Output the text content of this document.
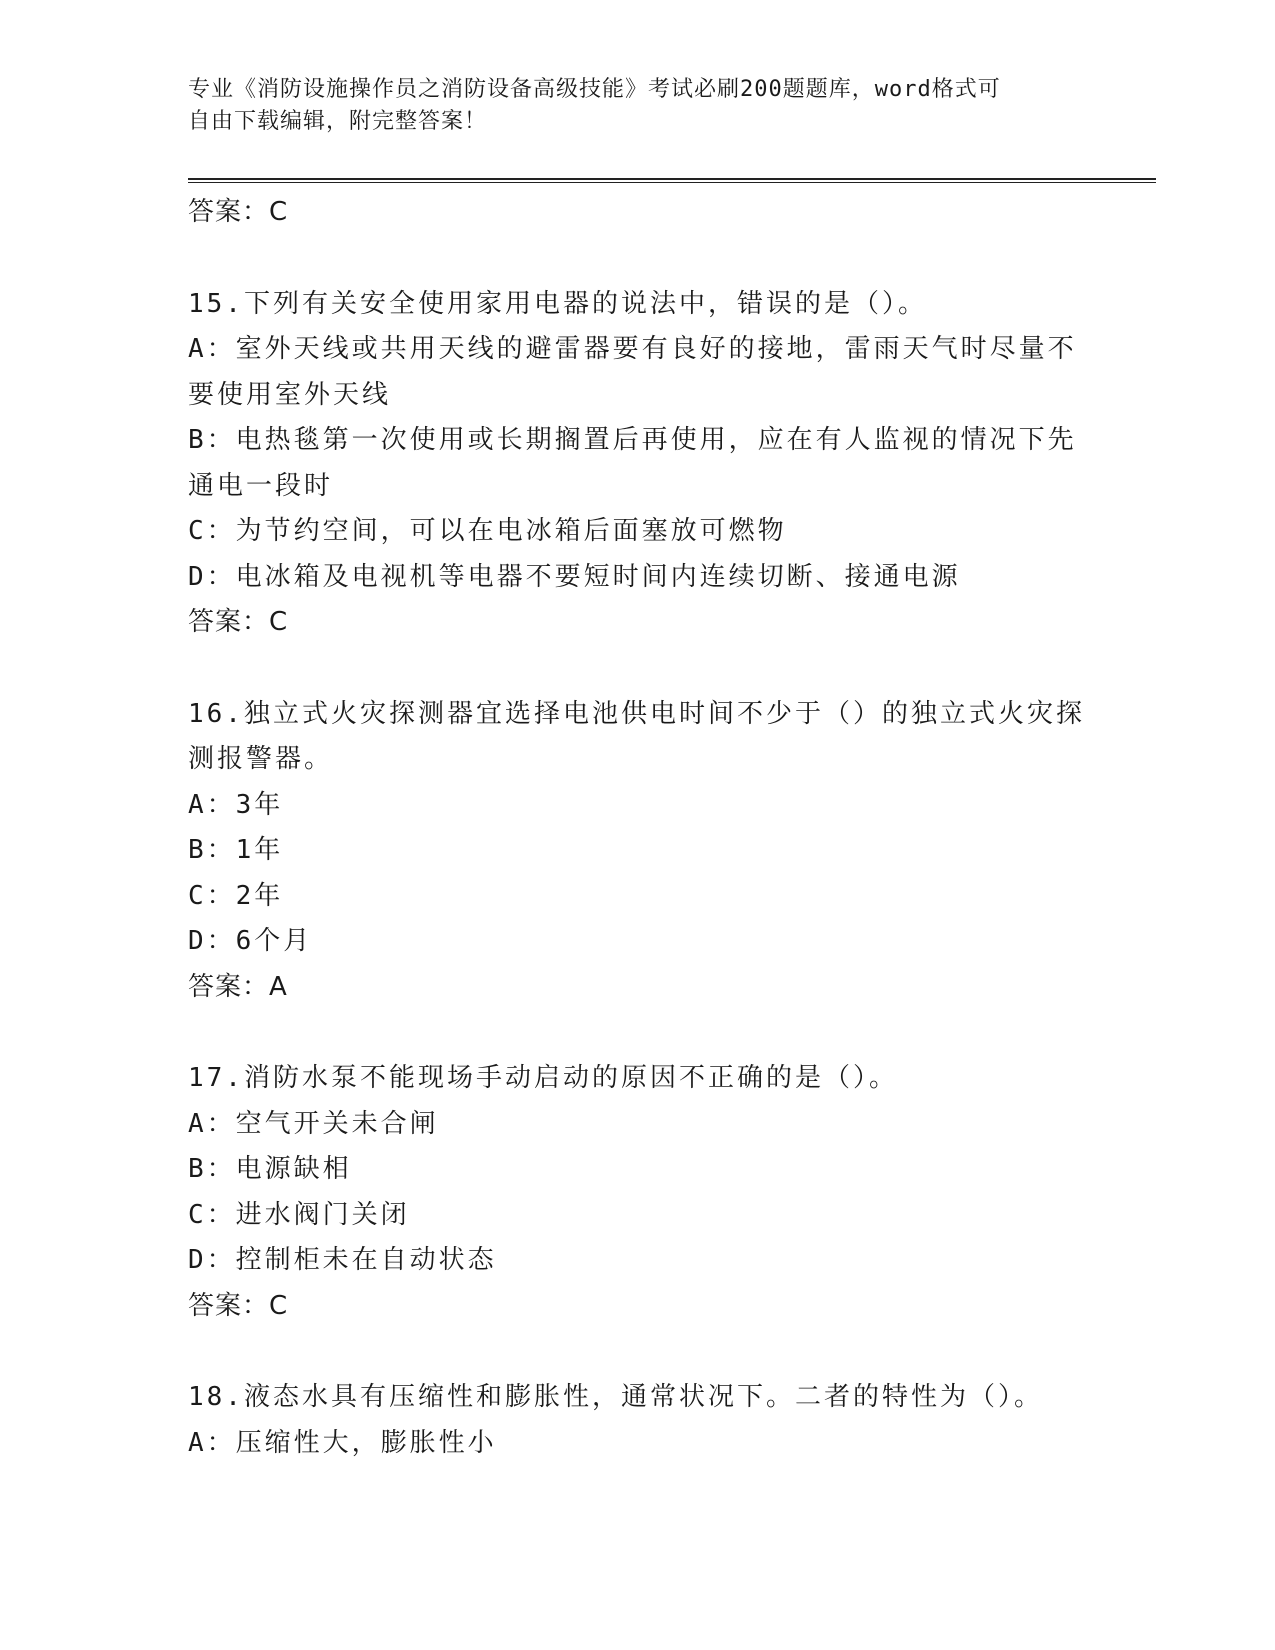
专业《消防设施操作员之消防设备高级技能》考试必刷200题题库，word格式可
自由下载编辑，附完整答案！
答案：C
15.下列有关安全使用家用电器的说法中，错误的是（）。
A：室外天线或共用天线的避雷器要有良好的接地，雷雨天气时尽量不
要使用室外天线
B：电热毯第一次使用或长期搁置后再使用，应在有人监视的情况下先
通电一段时
C：为节约空间，可以在电冰箱后面塞放可燃物
D：电冰箱及电视机等电器不要短时间内连续切断、接通电源
答案：C
16.独立式火灾探测器宜选择电池供电时间不少于（）的独立式火灾探
测报警器。
A：3年
B：1年
C：2年
D：6个月
答案：A
17.消防水泵不能现场手动启动的原因不正确的是（）。
A：空气开关未合闸
B：电源缺相
C：进水阀门关闭
D：控制柜未在自动状态
答案：C
18.液态水具有压缩性和膨胀性，通常状况下。二者的特性为（）。
A：压缩性大，膨胀性小
